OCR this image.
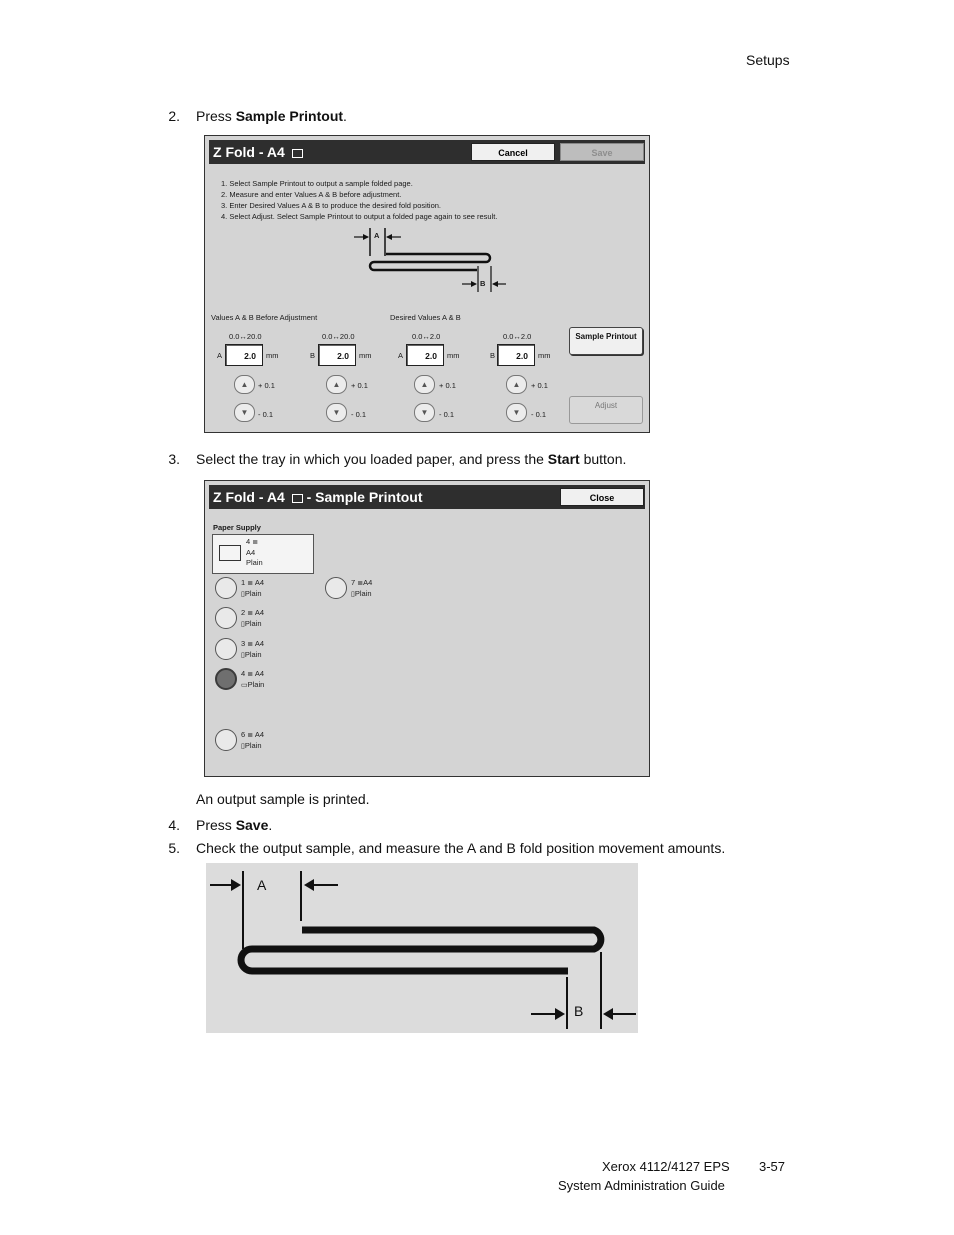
Setups
2. Press Sample Printout.
Z Fold - A4	Cancel	Save
1. Select Sample Printout to output a sample folded page.
2. Measure and enter Values A & B before adjustment.
3. Enter Desired Values A & B to produce the desired fold position.
4. Select Adjust. Select Sample Printout to output a folded page again to see result.
A
B
Values A & B Before Adjustment	Desired Values A & B
0.0↔20.0
A	2.0	mm
0.0↔20.0
B	2.0	mm
0.0↔2.0
A	2.0	mm
0.0↔2.0
B	2.0	mm
▲	+ 0.1
▼	- 0.1
▲	+ 0.1
▼	- 0.1
▲	+ 0.1
▼	- 0.1
▲	+ 0.1
▼	- 0.1
Sample Printout
Adjust
3. Select the tray in which you loaded paper, and press the Start button.
Z Fold - A4 - Sample Printout	Close
Paper Supply
4 ≣
A4
Plain
1 ≣ A4
▯Plain
2 ≣ A4
▯Plain
3 ≣ A4
▯Plain
4 ≣ A4
▭Plain
6 ≣ A4
▯Plain
7 ≣A4
▯Plain
An output sample is printed.
4. Press Save.
5. Check the output sample, and measure the A and B fold position movement amounts.
A
B
Xerox 4112/4127 EPS 3-57
System Administration Guide
